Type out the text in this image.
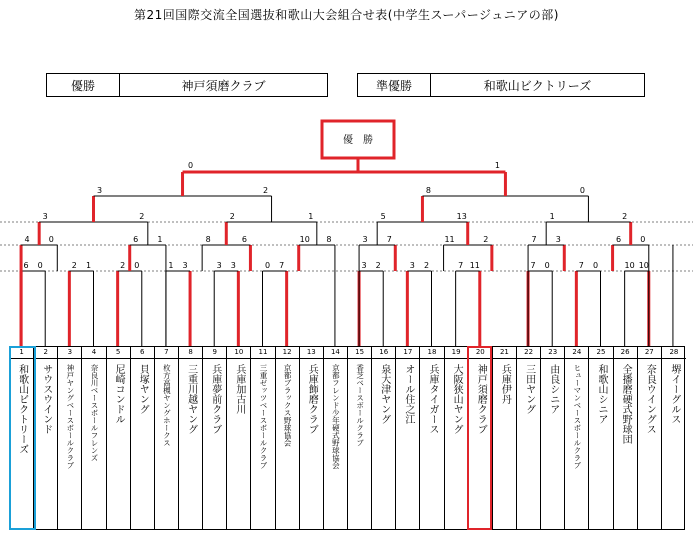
第21回国際交流全国選抜和歌山大会組合せ表(中学生スーパージュニアの部)
優勝	神戸須磨クラブ	準優勝	和歌山ビクトリーズ
優　勝
6 0	2 1	2 0	1 3	3 3	0 7	3 2	3 2	7 11	7 0	7 0	10 10
4 0	6 1	8	6	10 8	3 7	11	2	7 3	6 0
3	2	2	1	5	13	1	2
3	2	8	0
0	1
1
和歌山ビクトリーズ
2
サウスウインド
3
神戸ヤングベースボールクラブ
4
奈良川ベースボールフレンズ
5
尼崎コンドル
6
貝塚ヤング
7
枚方高槻ヤングホークス
8
三重川越ヤング
9
兵庫夢前クラブ
10
兵庫加古川
11
三重ゼッツベースボールクラブ
12
京都ブラックス野球協会
13
兵庫飾磨クラブ
14
京都フレンド少年硬式野球協会
15
香芝ベースボールクラブ
16
泉大津ヤング
17
オール住之江
18
兵庫タイガース
19
大阪狭山ヤング
20
神戸須磨クラブ
21
兵庫伊丹
22
三田ヤング
23
由良シニア
24
ヒューマンベースボールクラブ
25
和歌山シニア
26
全播磨硬式野球団
27
奈良ウイングス
28
堺イーグルス
